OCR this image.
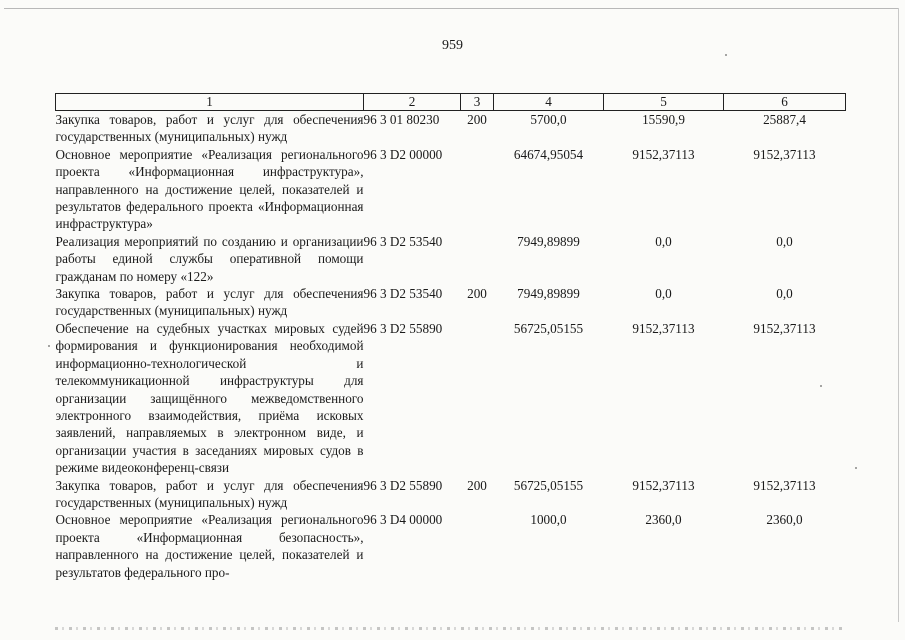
959
1	2	3	4	5	6
Закупка товаров, работ и услуг для обеспечения государственных (муниципальных) нужд	96 3 01 80230	200	5700,0	15590,9	25887,4
Основное мероприятие «Реализация регионального проекта «Информационная инфраструктура», направленного на достижение целей, показателей и результатов федерального проекта «Информационная инфраструктура»	96 3 D2 00000		64674,95054	9152,37113	9152,37113
Реализация мероприятий по созданию и организации работы единой службы оперативной помощи гражданам по номеру «122»	96 3 D2 53540		7949,89899	0,0	0,0
Закупка товаров, работ и услуг для обеспечения государственных (муниципальных) нужд	96 3 D2 53540	200	7949,89899	0,0	0,0
Обеспечение на судебных участках мировых судей формирования и функционирования необходимой информационно-технологической и телекоммуникационной инфраструктуры для организации защищённого межведомственного электронного взаимодействия, приёма исковых заявлений, направляемых в электронном виде, и организации участия в заседаниях мировых судов в режиме видеоконференц-связи	96 3 D2 55890		56725,05155	9152,37113	9152,37113
Закупка товаров, работ и услуг для обеспечения государственных (муниципальных) нужд	96 3 D2 55890	200	56725,05155	9152,37113	9152,37113
Основное мероприятие «Реализация регионального проекта «Информационная безопасность», направленного на достижение целей, показателей и результатов федерального про-	96 3 D4 00000		1000,0	2360,0	2360,0
